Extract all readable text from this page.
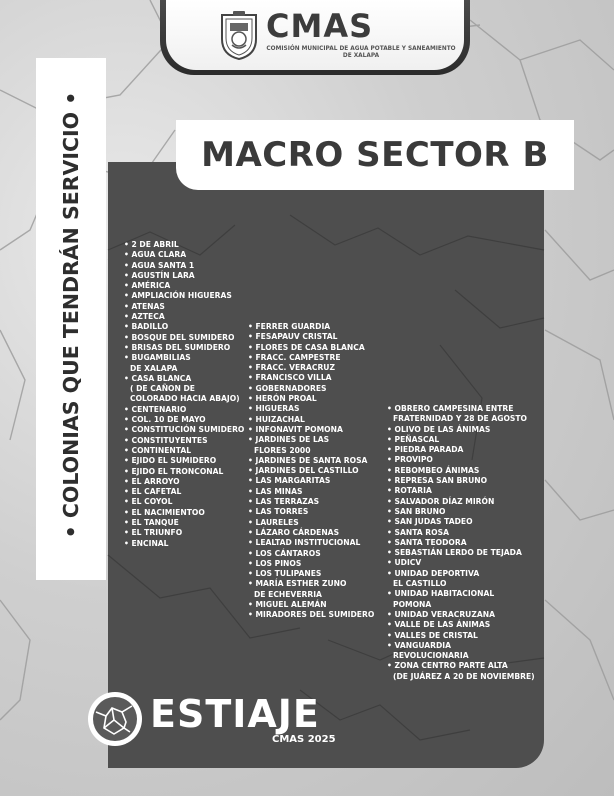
CMAS
COMISIÓN MUNICIPAL DE AGUA POTABLE Y SANEAMIENTO DE XALAPA
• COLONIAS QUE TENDRÁN SERVICIO •	MACRO SECTOR B
• 2 DE ABRIL
• AGUA CLARA
• AGUA SANTA 1
• AGUSTÍN LARA
• AMÉRICA
• AMPLIACIÓN HIGUERAS
• ATENAS
• AZTECA
• BADILLO
• BOSQUE DEL SUMIDERO
• BRISAS DEL SUMIDERO
• BUGAMBILIAS
DE XALAPA
• CASA BLANCA
( DE CAÑON DE
COLORADO HACIA ABAJO)
• CENTENARIO
• COL. 10 DE MAYO
• CONSTITUCIÓN SUMIDERO
• CONSTITUYENTES
• CONTINENTAL
• EJIDO EL SUMIDERO
• EJIDO EL TRONCONAL
• EL ARROYO
• EL CAFETAL
• EL COYOL
• EL NACIMIENTOO
• EL TANQUE
• EL TRIUNFO
• ENCINAL
• FERRER GUARDIA
• FESAPAUV CRISTAL
• FLORES DE CASA BLANCA
• FRACC. CAMPESTRE
• FRACC. VERACRUZ
• FRANCISCO VILLA
• GOBERNADORES
• HERÓN PROAL
• HIGUERAS
• HUIZACHAL
• INFONAVIT POMONA
• JARDINES DE LAS
FLORES 2000
• JARDINES DE SANTA ROSA
• JARDINES DEL CASTILLO
• LAS MARGARITAS
• LAS MINAS
• LAS TERRAZAS
• LAS TORRES
• LAURELES
• LÁZARO CÁRDENAS
• LEALTAD INSTITUCIONAL
• LOS CÁNTAROS
• LOS PINOS
• LOS TULIPANES
• MARÍA ESTHER ZUNO
DE ECHEVERRIA
• MIGUEL ALEMÁN
• MIRADORES DEL SUMIDERO
• OBRERO CAMPESINA ENTRE
FRATERNIDAD Y 28 DE AGOSTO
• OLIVO DE LAS ÁNIMAS
• PEÑASCAL
• PIEDRA PARADA
• PROVIPO
• REBOMBEO ÁNIMAS
• REPRESA SAN BRUNO
• ROTARIA
• SALVADOR DÍAZ MIRÓN
• SAN BRUNO
• SAN JUDAS TADEO
• SANTA ROSA
• SANTA TEODORA
• SEBASTIÁN LERDO DE TEJADA
• UDICV
• UNIDAD DEPORTIVA
EL CASTILLO
• UNIDAD HABITACIONAL
POMONA
• UNIDAD VERACRUZANA
• VALLE DE LAS ÁNIMAS
• VALLES DE CRISTAL
• VANGUARDIA
REVOLUCIONARIA
• ZONA CENTRO PARTE ALTA
(DE JUÁREZ A 20 DE NOVIEMBRE)
ESTIAJE
CMAS 2025
